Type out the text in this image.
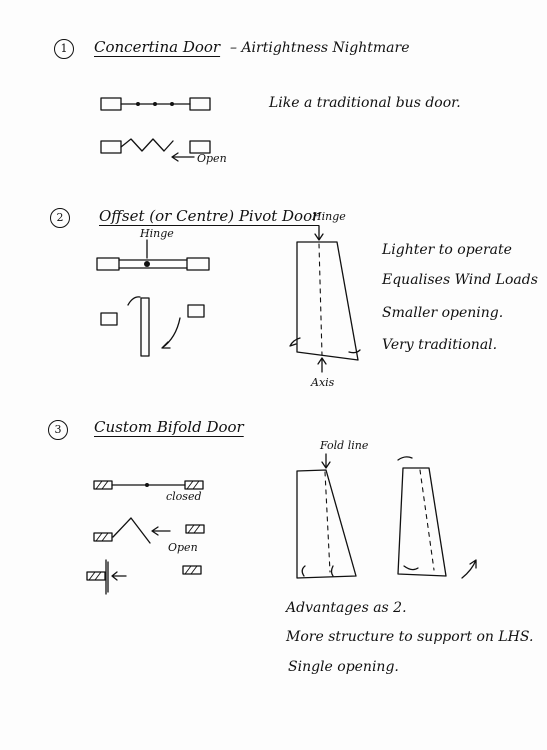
1	Concertina Door – Airtightness Nightmare
Like a traditional bus door.
Open
2	Offset (or Centre) Pivot Door
Hinge
Hinge
Axis
Lighter to operate
Equalises Wind Loads
Smaller opening.
Very traditional.
3	Custom Bifold Door
closed
Open
Fold line
Advantages as 2.
More structure to support on LHS.
Single opening.
